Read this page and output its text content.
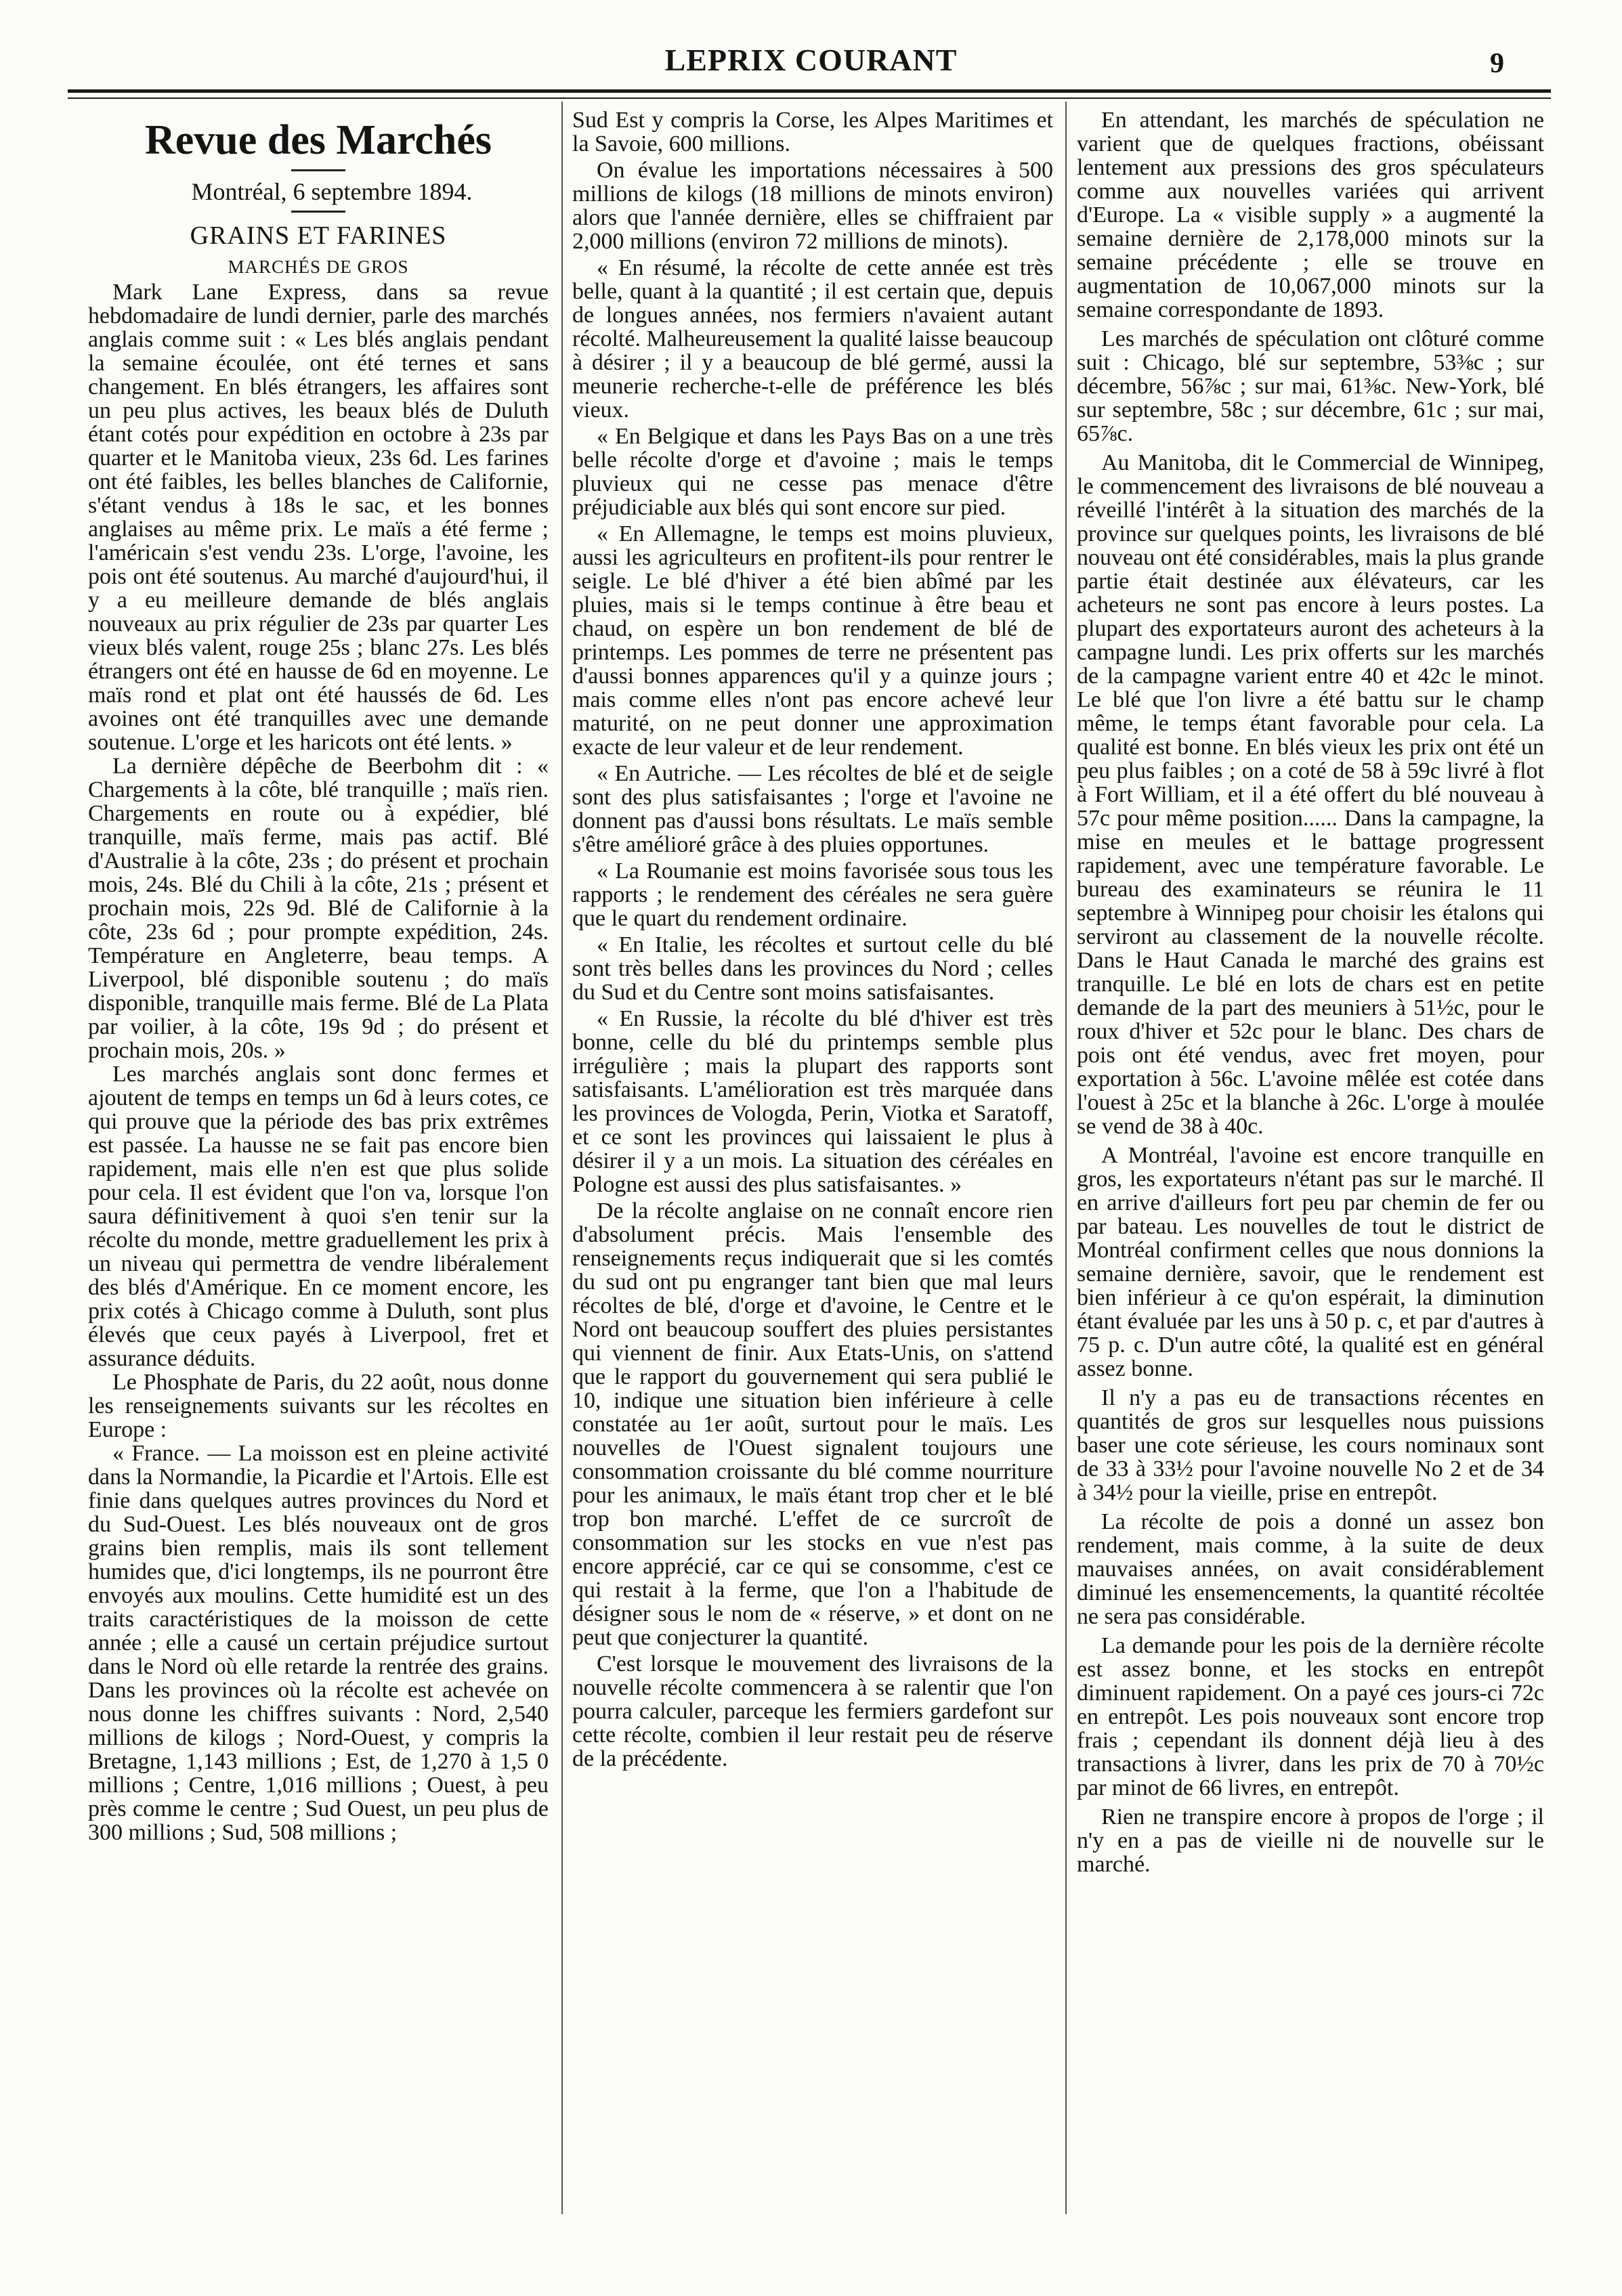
LEPRIX COURANT	9
Revue des Marchés
Montréal, 6 septembre 1894.
GRAINS ET FARINES
MARCHÉS DE GROS

Mark Lane Express, dans sa revue hebdomadaire de lundi dernier, parle des marchés anglais comme suit : « Les blés anglais pendant la semaine écoulée, ont été ternes et sans changement. En blés étrangers, les affaires sont un peu plus actives, les beaux blés de Duluth étant cotés pour expédition en octobre à 23s par quarter et le Manitoba vieux, 23s 6d. Les farines ont été faibles, les belles blanches de Californie, s'étant vendus à 18s le sac, et les bonnes anglaises au même prix. Le maïs a été ferme ; l'américain s'est vendu 23s. L'orge, l'avoine, les pois ont été soutenus. Au marché d'aujourd'hui, il y a eu meilleure demande de blés anglais nouveaux au prix régulier de 23s par quarter Les vieux blés valent, rouge 25s ; blanc 27s. Les blés étrangers ont été en hausse de 6d en moyenne. Le maïs rond et plat ont été haussés de 6d. Les avoines ont été tranquilles avec une demande soutenue. L'orge et les haricots ont été lents. »

La dernière dépêche de Beerbohm dit : « Chargements à la côte, blé tranquille ; maïs rien. Chargements en route ou à expédier, blé tranquille, maïs ferme, mais pas actif. Blé d'Australie à la côte, 23s ; do présent et prochain mois, 24s. Blé du Chili à la côte, 21s ; présent et prochain mois, 22s 9d. Blé de Californie à la côte, 23s 6d ; pour prompte expédition, 24s. Température en Angleterre, beau temps. A Liverpool, blé disponible soutenu ; do maïs disponible, tranquille mais ferme. Blé de La Plata par voilier, à la côte, 19s 9d ; do présent et prochain mois, 20s. »

Les marchés anglais sont donc fermes et ajoutent de temps en temps un 6d à leurs cotes, ce qui prouve que la période des bas prix extrêmes est passée. La hausse ne se fait pas encore bien rapidement, mais elle n'en est que plus solide pour cela. Il est évident que l'on va, lorsque l'on saura définitivement à quoi s'en tenir sur la récolte du monde, mettre graduellement les prix à un niveau qui permettra de vendre libéralement des blés d'Amérique. En ce moment encore, les prix cotés à Chicago comme à Duluth, sont plus élevés que ceux payés à Liverpool, fret et assurance déduits.

Le Phosphate de Paris, du 22 août, nous donne les renseignements suivants sur les récoltes en Europe :

« France. — La moisson est en pleine activité dans la Normandie, la Picardie et l'Artois. Elle est finie dans quelques autres provinces du Nord et du Sud-Ouest. Les blés nouveaux ont de gros grains bien remplis, mais ils sont tellement humides que, d'ici longtemps, ils ne pourront être envoyés aux moulins. Cette humidité est un des traits caractéristiques de la moisson de cette année ; elle a causé un certain préjudice surtout dans le Nord où elle retarde la rentrée des grains. Dans les provinces où la récolte est achevée on nous donne les chiffres suivants : Nord, 2,540 millions de kilogs ; Nord-Ouest, y compris la Bretagne, 1,143 millions ; Est, de 1,270 à 1,5 0 millions ; Centre, 1,016 millions ; Ouest, à peu près comme le centre ; Sud Ouest, un peu plus de 300 millions ; Sud, 508 millions ;

Sud Est y compris la Corse, les Alpes Maritimes et la Savoie, 600 millions.

On évalue les importations nécessaires à 500 millions de kilogs (18 millions de minots environ) alors que l'année dernière, elles se chiffraient par 2,000 millions (environ 72 millions de minots).

« En résumé, la récolte de cette année est très belle, quant à la quantité ; il est certain que, depuis de longues années, nos fermiers n'avaient autant récolté. Malheureusement la qualité laisse beaucoup à désirer ; il y a beaucoup de blé germé, aussi la meunerie recherche-t-elle de préférence les blés vieux.

« En Belgique et dans les Pays Bas on a une très belle récolte d'orge et d'avoine ; mais le temps pluvieux qui ne cesse pas menace d'être préjudiciable aux blés qui sont encore sur pied.

« En Allemagne, le temps est moins pluvieux, aussi les agriculteurs en profitent-ils pour rentrer le seigle. Le blé d'hiver a été bien abîmé par les pluies, mais si le temps continue à être beau et chaud, on espère un bon rendement de blé de printemps. Les pommes de terre ne présentent pas d'aussi bonnes apparences qu'il y a quinze jours ; mais comme elles n'ont pas encore achevé leur maturité, on ne peut donner une approximation exacte de leur valeur et de leur rendement.

« En Autriche. — Les récoltes de blé et de seigle sont des plus satisfaisantes ; l'orge et l'avoine ne donnent pas d'aussi bons résultats. Le maïs semble s'être amélioré grâce à des pluies opportunes.

« La Roumanie est moins favorisée sous tous les rapports ; le rendement des céréales ne sera guère que le quart du rendement ordinaire.

« En Italie, les récoltes et surtout celle du blé sont très belles dans les provinces du Nord ; celles du Sud et du Centre sont moins satisfaisantes.

« En Russie, la récolte du blé d'hiver est très bonne, celle du blé du printemps semble plus irrégulière ; mais la plupart des rapports sont satisfaisants. L'amélioration est très marquée dans les provinces de Vologda, Perin, Viotka et Saratoff, et ce sont les provinces qui laissaient le plus à désirer il y a un mois. La situation des céréales en Pologne est aussi des plus satisfaisantes. »

De la récolte anglaise on ne connaît encore rien d'absolument précis. Mais l'ensemble des renseignements reçus indiquerait que si les comtés du sud ont pu engranger tant bien que mal leurs récoltes de blé, d'orge et d'avoine, le Centre et le Nord ont beaucoup souffert des pluies persistantes qui viennent de finir. Aux Etats-Unis, on s'attend que le rapport du gouvernement qui sera publié le 10, indique une situation bien inférieure à celle constatée au 1er août, surtout pour le maïs. Les nouvelles de l'Ouest signalent toujours une consommation croissante du blé comme nourriture pour les animaux, le maïs étant trop cher et le blé trop bon marché. L'effet de ce surcroît de consommation sur les stocks en vue n'est pas encore apprécié, car ce qui se consomme, c'est ce qui restait à la ferme, que l'on a l'habitude de désigner sous le nom de « réserve, » et dont on ne peut que conjecturer la quantité.

C'est lorsque le mouvement des livraisons de la nouvelle récolte commencera à se ralentir que l'on pourra calculer, parceque les fermiers gardefont sur cette récolte, combien il leur restait peu de réserve de la précédente.

En attendant, les marchés de spéculation ne varient que de quelques fractions, obéissant lentement aux pressions des gros spéculateurs comme aux nouvelles variées qui arrivent d'Europe. La « visible supply » a augmenté la semaine dernière de 2,178,000 minots sur la semaine précédente ; elle se trouve en augmentation de 10,067,000 minots sur la semaine correspondante de 1893.

Les marchés de spéculation ont clôturé comme suit : Chicago, blé sur septembre, 53⅜c ; sur décembre, 56⅞c ; sur mai, 61⅜c. New-York, blé sur septembre, 58c ; sur décembre, 61c ; sur mai, 65⅞c.

Au Manitoba, dit le Commercial de Winnipeg, le commencement des livraisons de blé nouveau a réveillé l'intérêt à la situation des marchés de la province sur quelques points, les livraisons de blé nouveau ont été considérables, mais la plus grande partie était destinée aux élévateurs, car les acheteurs ne sont pas encore à leurs postes. La plupart des exportateurs auront des acheteurs à la campagne lundi. Les prix offerts sur les marchés de la campagne varient entre 40 et 42c le minot. Le blé que l'on livre a été battu sur le champ même, le temps étant favorable pour cela. La qualité est bonne. En blés vieux les prix ont été un peu plus faibles ; on a coté de 58 à 59c livré à flot à Fort William, et il a été offert du blé nouveau à 57c pour même position...... Dans la campagne, la mise en meules et le battage progressent rapidement, avec une température favorable. Le bureau des examinateurs se réunira le 11 septembre à Winnipeg pour choisir les étalons qui serviront au classement de la nouvelle récolte. Dans le Haut Canada le marché des grains est tranquille. Le blé en lots de chars est en petite demande de la part des meuniers à 51½c, pour le roux d'hiver et 52c pour le blanc. Des chars de pois ont été vendus, avec fret moyen, pour exportation à 56c. L'avoine mêlée est cotée dans l'ouest à 25c et la blanche à 26c. L'orge à moulée se vend de 38 à 40c.

A Montréal, l'avoine est encore tranquille en gros, les exportateurs n'étant pas sur le marché. Il en arrive d'ailleurs fort peu par chemin de fer ou par bateau. Les nouvelles de tout le district de Montréal confirment celles que nous donnions la semaine dernière, savoir, que le rendement est bien inférieur à ce qu'on espérait, la diminution étant évaluée par les uns à 50 p. c, et par d'autres à 75 p. c. D'un autre côté, la qualité est en général assez bonne.

Il n'y a pas eu de transactions récentes en quantités de gros sur lesquelles nous puissions baser une cote sérieuse, les cours nominaux sont de 33 à 33½ pour l'avoine nouvelle No 2 et de 34 à 34½ pour la vieille, prise en entrepôt.

La récolte de pois a donné un assez bon rendement, mais comme, à la suite de deux mauvaises années, on avait considérablement diminué les ensemencements, la quantité récoltée ne sera pas considérable.

La demande pour les pois de la dernière récolte est assez bonne, et les stocks en entrepôt diminuent rapidement. On a payé ces jours-ci 72c en entrepôt. Les pois nouveaux sont encore trop frais ; cependant ils donnent déjà lieu à des transactions à livrer, dans les prix de 70 à 70½c par minot de 66 livres, en entrepôt.

Rien ne transpire encore à propos de l'orge ; il n'y en a pas de vieille ni de nouvelle sur le marché.
